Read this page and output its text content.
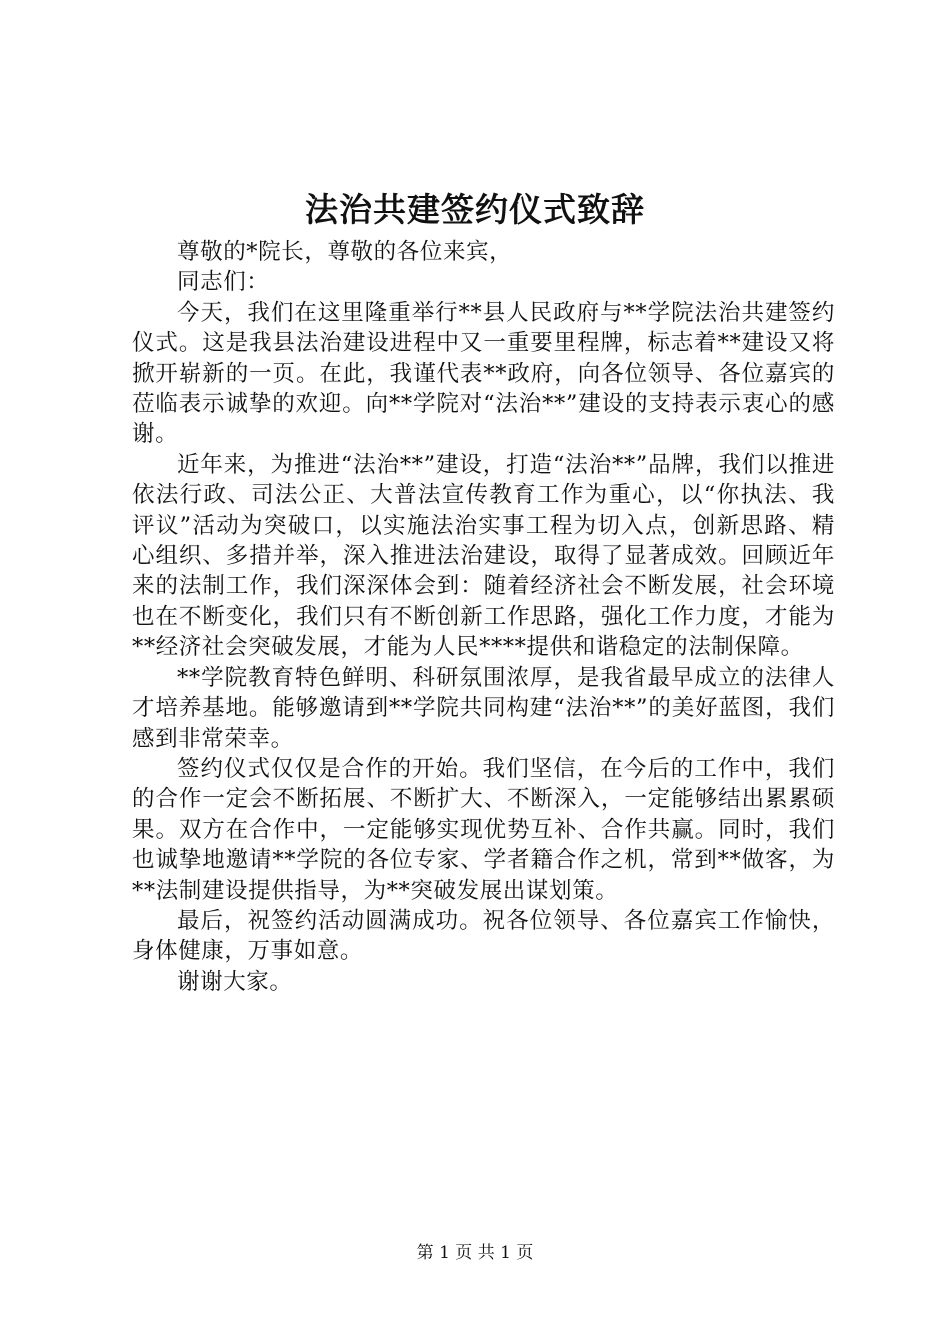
法治共建签约仪式致辞

尊敬的*院长，尊敬的各位来宾，

同志们：

今天，我们在这里隆重举行**县人民政府与**学院法治共建签约仪式。这是我县法治建设进程中又一重要里程牌，标志着**建设又将掀开崭新的一页。在此，我谨代表**政府，向各位领导、各位嘉宾的莅临表示诚挚的欢迎。向**学院对“法治**”建设的支持表示衷心的感谢。

近年来，为推进“法治**”建设，打造“法治**”品牌，我们以推进依法行政、司法公正、大普法宣传教育工作为重心，以“你执法、我评议”活动为突破口，以实施法治实事工程为切入点，创新思路、精心组织、多措并举，深入推进法治建设，取得了显著成效。回顾近年来的法制工作，我们深深体会到：随着经济社会不断发展，社会环境也在不断变化，我们只有不断创新工作思路，强化工作力度，才能为**经济社会突破发展，才能为人民****提供和谐稳定的法制保障。

**学院教育特色鲜明、科研氛围浓厚，是我省最早成立的法律人才培养基地。能够邀请到**学院共同构建“法治**”的美好蓝图，我们感到非常荣幸。

签约仪式仅仅是合作的开始。我们坚信，在今后的工作中，我们的合作一定会不断拓展、不断扩大、不断深入，一定能够结出累累硕果。双方在合作中，一定能够实现优势互补、合作共赢。同时，我们也诚挚地邀请**学院的各位专家、学者籍合作之机，常到**做客，为**法制建设提供指导，为**突破发展出谋划策。

最后，祝签约活动圆满成功。祝各位领导、各位嘉宾工作愉快，身体健康，万事如意。

谢谢大家。

第 1 页 共 1 页
